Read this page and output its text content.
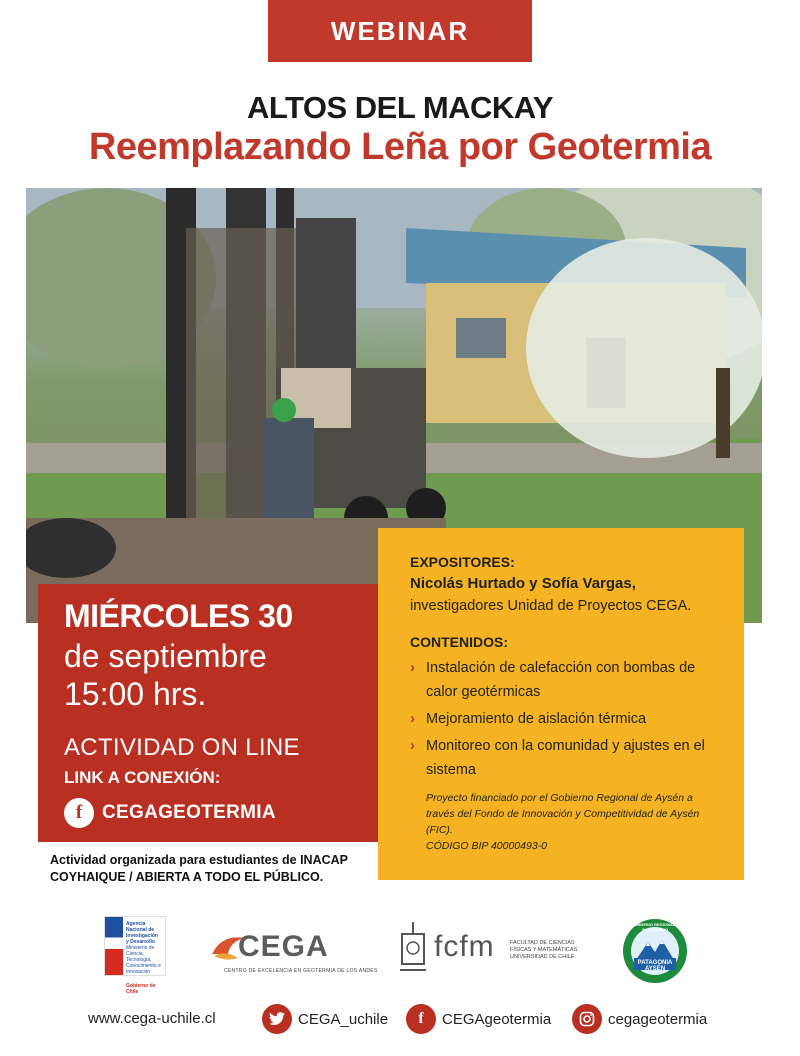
WEBINAR
ALTOS DEL MACKAY
Reemplazando Leña por Geotermia
MIÉRCOLES 30
de septiembre
15:00 hrs.
ACTIVIDAD ON LINE
LINK A CONEXIÓN:
f	CEGAGEOTERMIA
EXPOSITORES:
Nicolás Hurtado y Sofía Vargas,
investigadores Unidad de Proyectos CEGA.
CONTENIDOS:
› Instalación de calefacción con bombas de calor geotérmicas
› Mejoramiento de aislación térmica
› Monitoreo con la comunidad y ajustes en el sistema
Proyecto financiado por el Gobierno Regional de Aysén a través del Fondo de Innovación y Competitividad de Aysén (FIC).
CÓDIGO BIP 40000493-0
Actividad organizada para estudiantes de INACAP COYHAIQUE / ABIERTA A TODO EL PÚBLICO.
Agencia
Nacional de
Investigación
y Desarrollo
Ministerio de Ciencia, Tecnología, Conocimiento e Innovación
Gobierno de Chile
CEGA
CENTRO DE EXCELENCIA EN GEOTERMIA DE LOS ANDES
fcfm	FACULTAD DE CIENCIAS FÍSICAS Y MATEMÁTICAS UNIVERSIDAD DE CHILE
PATAGONIA AYSÉN
GOBIERNO REGIONAL Y SU CONSEJO
www.cega-uchile.cl	CEGA_uchile	f	CEGAgeotermia	cegageotermia
